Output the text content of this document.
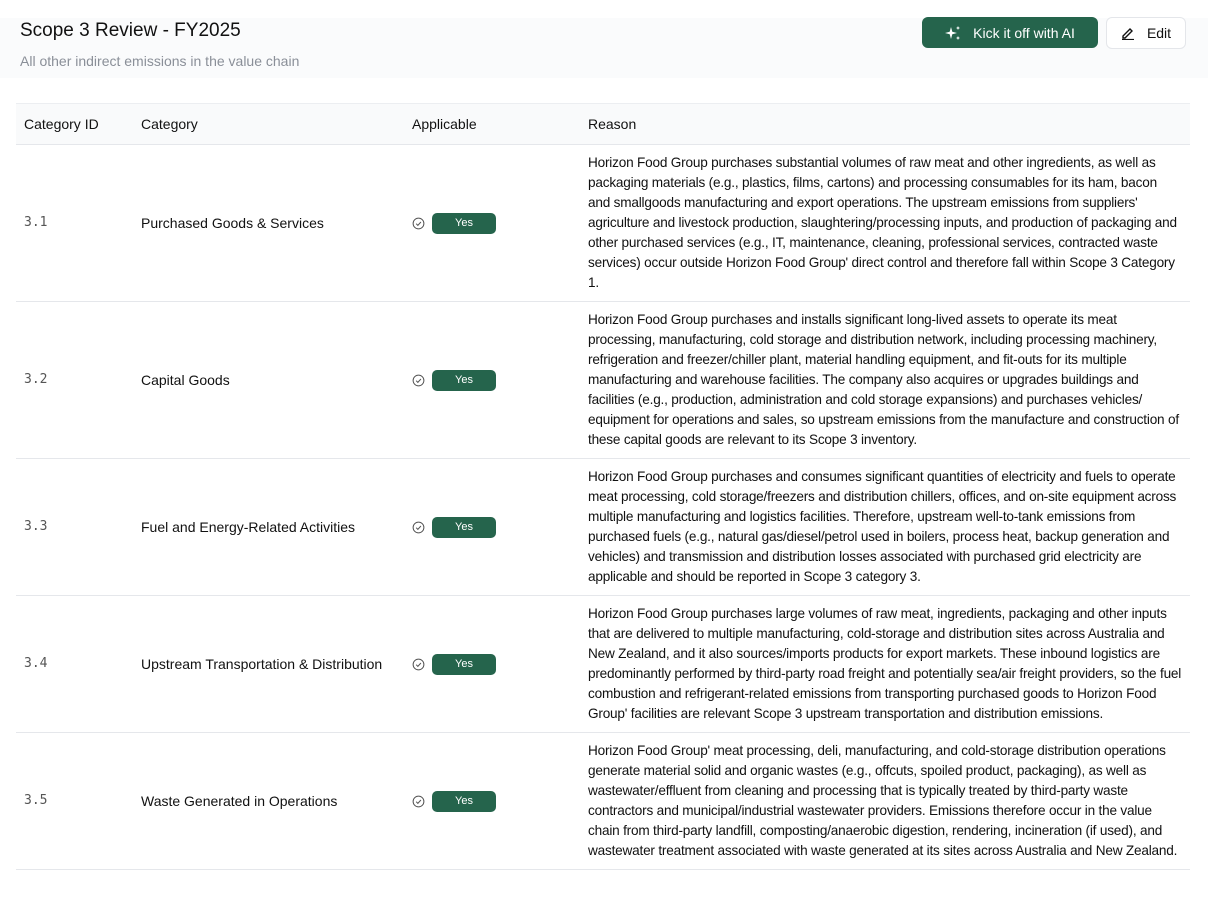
Scope 3 Review - FY2025
All other indirect emissions in the value chain
Kick it off with AI	Edit
Category ID	Category	Applicable	Reason
3.1	Purchased Goods & Services	Yes	Horizon Food Group purchases substantial volumes of raw meat and other ingredients, as well as packaging materials (e.g., plastics, films, cartons) and processing consumables for its ham, bacon and smallgoods manufacturing and export operations. The upstream emissions from suppliers' agriculture and livestock production, slaughtering/processing inputs, and production of packaging and other purchased services (e.g., IT, maintenance, cleaning, professional services, contracted waste services) occur outside Horizon Food Group' direct control and therefore fall within Scope 3 Category 1.
3.2	Capital Goods	Yes	Horizon Food Group purchases and installs significant long-lived assets to operate its meat processing, manufacturing, cold storage and distribution network, including processing machinery, refrigeration and freezer/chiller plant, material handling equipment, and fit-outs for its multiple manufacturing and warehouse facilities. The company also acquires or upgrades buildings and facilities (e.g., production, administration and cold storage expansions) and purchases vehicles/ equipment for operations and sales, so upstream emissions from the manufacture and construction of these capital goods are relevant to its Scope 3 inventory.
3.3	Fuel and Energy-Related Activities	Yes	Horizon Food Group purchases and consumes significant quantities of electricity and fuels to operate meat processing, cold storage/freezers and distribution chillers, offices, and on-site equipment across multiple manufacturing and logistics facilities. Therefore, upstream well-to-tank emissions from purchased fuels (e.g., natural gas/diesel/petrol used in boilers, process heat, backup generation and vehicles) and transmission and distribution losses associated with purchased grid electricity are applicable and should be reported in Scope 3 category 3.
3.4	Upstream Transportation & Distribution	Yes	Horizon Food Group purchases large volumes of raw meat, ingredients, packaging and other inputs that are delivered to multiple manufacturing, cold-storage and distribution sites across Australia and New Zealand, and it also sources/imports products for export markets. These inbound logistics are predominantly performed by third-party road freight and potentially sea/air freight providers, so the fuel combustion and refrigerant-related emissions from transporting purchased goods to Horizon Food Group' facilities are relevant Scope 3 upstream transportation and distribution emissions.
3.5	Waste Generated in Operations	Yes	Horizon Food Group' meat processing, deli, manufacturing, and cold-storage distribution operations generate material solid and organic wastes (e.g., offcuts, spoiled product, packaging), as well as wastewater/effluent from cleaning and processing that is typically treated by third-party waste contractors and municipal/industrial wastewater providers. Emissions therefore occur in the value chain from third-party landfill, composting/anaerobic digestion, rendering, incineration (if used), and wastewater treatment associated with waste generated at its sites across Australia and New Zealand.
